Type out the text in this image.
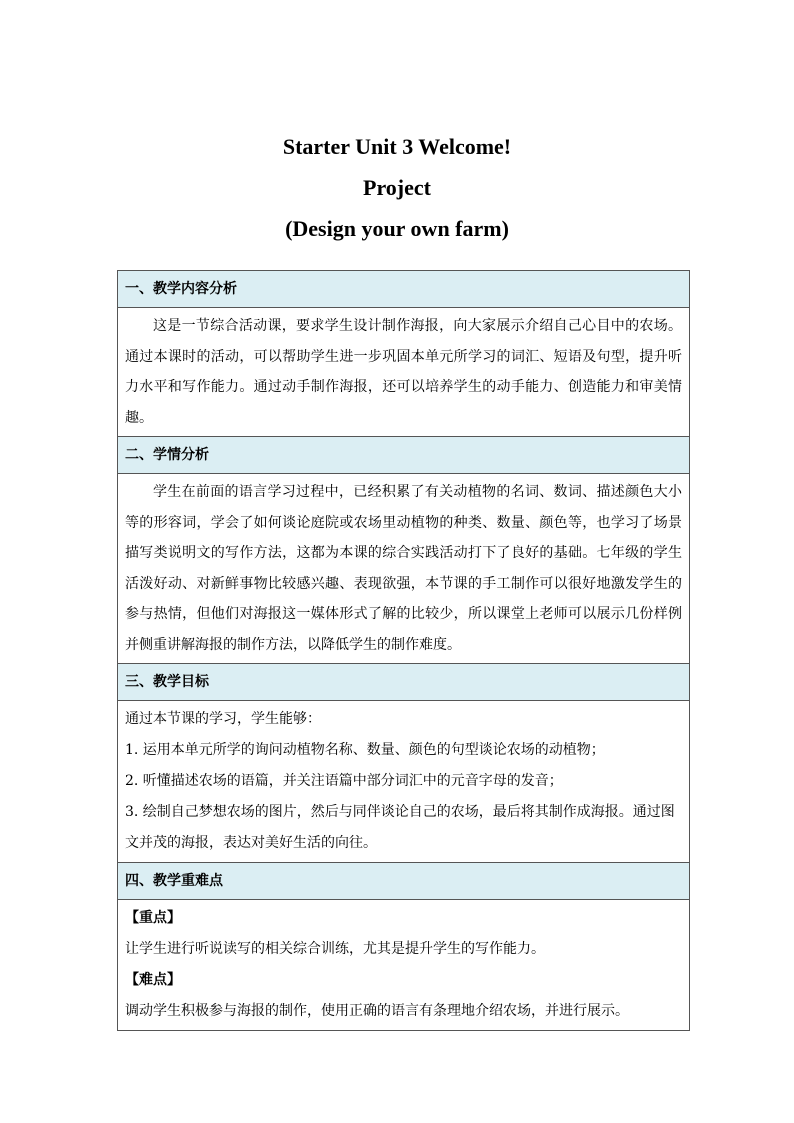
Starter Unit 3 Welcome!

Project

(Design your own farm)

一、教学内容分析

这是一节综合活动课，要求学生设计制作海报，向大家展示介绍自己心目中的农场。通过本课时的活动，可以帮助学生进一步巩固本单元所学习的词汇、短语及句型，提升听力水平和写作能力。通过动手制作海报，还可以培养学生的动手能力、创造能力和审美情趣。

二、学情分析

学生在前面的语言学习过程中，已经积累了有关动植物的名词、数词、描述颜色大小等的形容词，学会了如何谈论庭院或农场里动植物的种类、数量、颜色等，也学习了场景描写类说明文的写作方法，这都为本课的综合实践活动打下了良好的基础。七年级的学生活泼好动、对新鲜事物比较感兴趣、表现欲强，本节课的手工制作可以很好地激发学生的参与热情，但他们对海报这一媒体形式了解的比较少，所以课堂上老师可以展示几份样例并侧重讲解海报的制作方法，以降低学生的制作难度。

三、教学目标

通过本节课的学习，学生能够：

1. 运用本单元所学的询问动植物名称、数量、颜色的句型谈论农场的动植物；

2. 听懂描述农场的语篇，并关注语篇中部分词汇中的元音字母的发音；

3. 绘制自己梦想农场的图片，然后与同伴谈论自己的农场，最后将其制作成海报。通过图文并茂的海报，表达对美好生活的向往。

四、教学重难点

【重点】

让学生进行听说读写的相关综合训练，尤其是提升学生的写作能力。

【难点】

调动学生积极参与海报的制作，使用正确的语言有条理地介绍农场，并进行展示。
